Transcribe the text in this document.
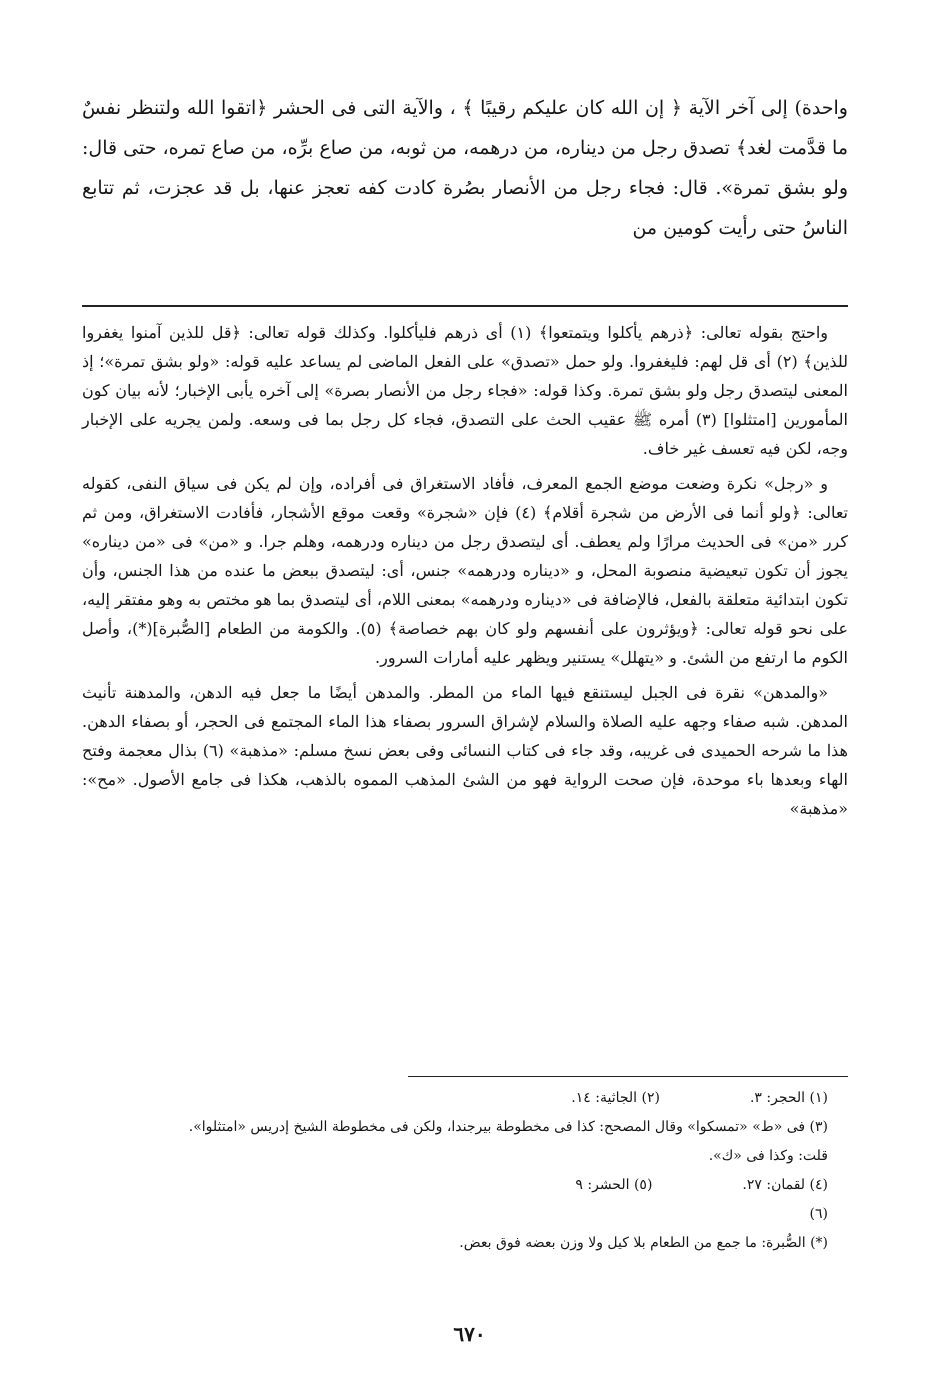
واحدة) إلى آخر الآية ﴿ إن الله كان عليكم رقيبًا ﴾ ، والآية التى فى الحشر ﴿اتقوا الله ولتنظر نفسٌ ما قدَّمت لغد﴾ تصدق رجل من ديناره، من درهمه، من ثوبه، من صاع برِّه، من صاع تمره، حتى قال: ولو بشق تمرة». قال: فجاء رجل من الأنصار بصُرة كادت كفه تعجز عنها، بل قد عجزت، ثم تتابع الناسُ حتى رأيت كومين من

واحتج بقوله تعالى: ﴿ذرهم يأكلوا ويتمتعوا﴾ (١) أى ذرهم فليأكلوا. وكذلك قوله تعالى: ﴿قل للذين آمنوا يغفروا للذين﴾ (٢) أى قل لهم: فليغفروا. ولو حمل «تصدق» على الفعل الماضى لم يساعد عليه قوله: «ولو بشق تمرة»؛ إذ المعنى ليتصدق رجل ولو بشق تمرة. وكذا قوله: «فجاء رجل من الأنصار بصرة» إلى آخره يأبى الإخبار؛ لأنه بيان كون المأمورين [امتثلوا] (٣) أمره ﷺ عقيب الحث على التصدق، فجاء كل رجل بما فى وسعه. ولمن يجريه على الإخبار وجه، لكن فيه تعسف غير خاف.

و «رجل» نكرة وضعت موضع الجمع المعرف، فأفاد الاستغراق فى أفراده، وإن لم يكن فى سياق النفى، كقوله تعالى: ﴿ولو أنما فى الأرض من شجرة أقلام﴾ (٤) فإن «شجرة» وقعت موقع الأشجار، فأفادت الاستغراق، ومن ثم كرر «من» فى الحديث مرارًا ولم يعطف. أى ليتصدق رجل من ديناره ودرهمه، وهلم جرا. و «من» فى «من ديناره» يجوز أن تكون تبعيضية منصوبة المحل، و «ديناره ودرهمه» جنس، أى: ليتصدق ببعض ما عنده من هذا الجنس، وأن تكون ابتدائية متعلقة بالفعل، فالإضافة فى «ديناره ودرهمه» بمعنى اللام، أى ليتصدق بما هو مختص به وهو مفتقر إليه، على نحو قوله تعالى: ﴿ويؤثرون على أنفسهم ولو كان بهم خصاصة﴾ (٥). والكومة من الطعام [الصُّبرة](*)، وأصل الكوم ما ارتفع من الشئ. و «يتهلل» يستنير ويظهر عليه أمارات السرور.

«والمدهن» نقرة فى الجبل ليستنقع فيها الماء من المطر. والمدهن أيضًا ما جعل فيه الدهن، والمدهنة تأنيث المدهن. شبه صفاء وجهه عليه الصلاة والسلام لإشراق السرور بصفاء هذا الماء المجتمع فى الحجر، أو بصفاء الدهن. هذا ما شرحه الحميدى فى غريبه، وقد جاء فى كتاب النسائى وفى بعض نسخ مسلم: «مذهبة» (٦) بذال معجمة وفتح الهاء وبعدها باء موحدة، فإن صحت الرواية فهو من الشئ المذهب المموه بالذهب، هكذا فى جامع الأصول. «مح»: «مذهبة»

(١) الحجر: ٣.
(٢) الجاثية: ١٤.
(٣) فى «ط» «تمسكوا» وقال المصحح: كذا فى مخطوطة بيرجندا، ولكن فى مخطوطة الشيخ إدريس «امتثلوا».
قلت: وكذا فى «ك».
(٤) لقمان: ٢٧.
(٥) الحشر: ٩
(٦)
(*) الصُّبرة: ما جمع من الطعام بلا كيل ولا وزن بعضه فوق بعض.
٦٧٠
